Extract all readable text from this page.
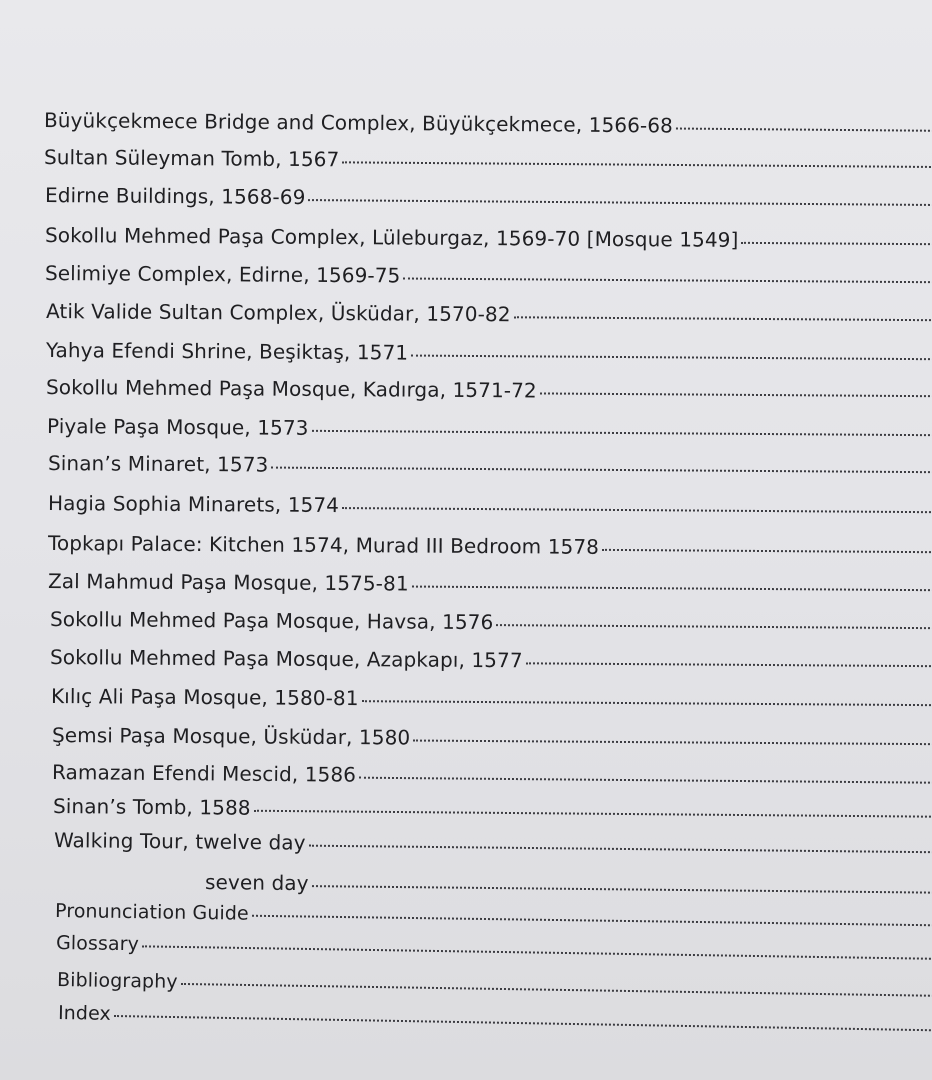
Büyükçekmece Bridge and Complex, Büyükçekmece, 1566-68
Sultan Süleyman Tomb, 1567
Edirne Buildings, 1568-69
Sokollu Mehmed Paşa Complex, Lüleburgaz, 1569-70 [Mosque 1549]
Selimiye Complex, Edirne, 1569-75
Atik Valide Sultan Complex, Üsküdar, 1570-82
Yahya Efendi Shrine, Beşiktaş, 1571
Sokollu Mehmed Paşa Mosque, Kadırga, 1571-72
Piyale Paşa Mosque, 1573
Sinan’s Minaret, 1573
Hagia Sophia Minarets, 1574
Topkapı Palace: Kitchen 1574, Murad III Bedroom 1578
Zal Mahmud Paşa Mosque, 1575-81
Sokollu Mehmed Paşa Mosque, Havsa, 1576
Sokollu Mehmed Paşa Mosque, Azapkapı, 1577
Kılıç Ali Paşa Mosque, 1580-81
Şemsi Paşa Mosque, Üsküdar, 1580
Ramazan Efendi Mescid, 1586
Sinan’s Tomb, 1588
Walking Tour, twelve day
seven day
Pronunciation Guide
Glossary
Bibliography
Index
